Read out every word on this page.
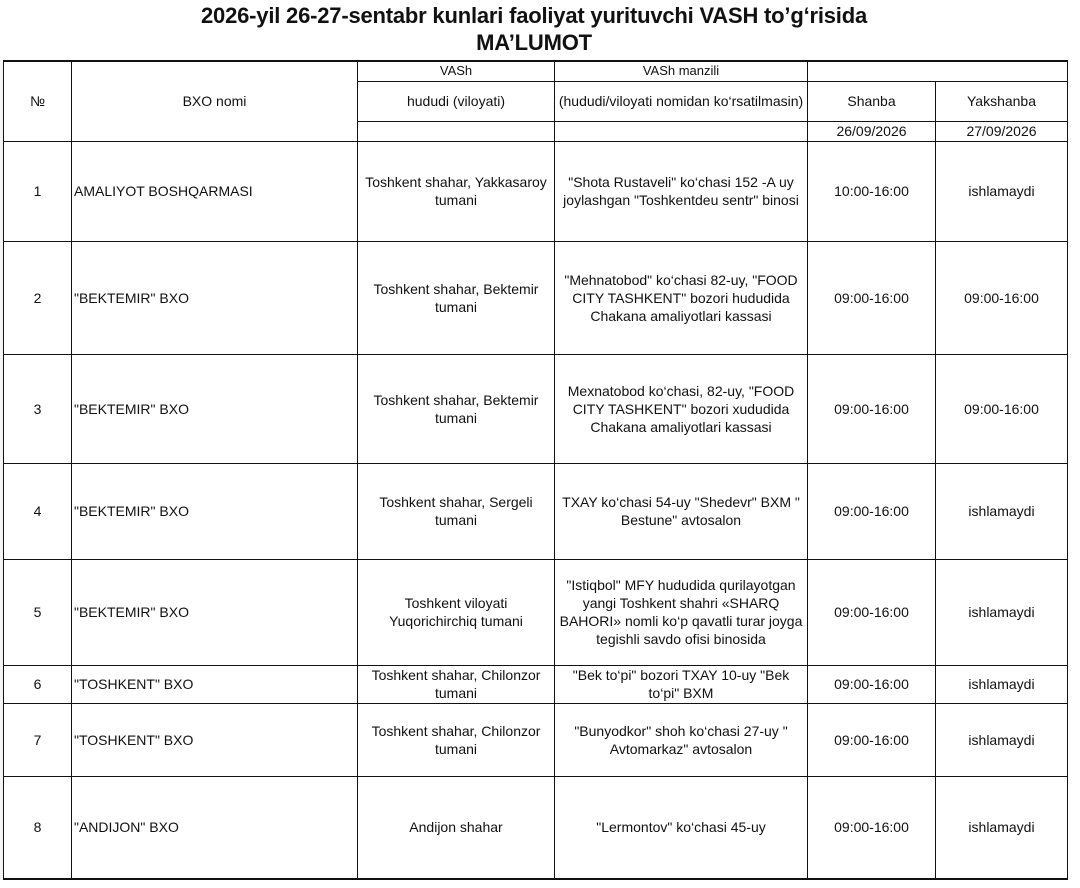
2026-yil 26-27-sentabr kunlari faoliyat yurituvchi VASH to’g‘risida
MA’LUMOT
№	BXO nomi	VASh	VASh manzili		
		hududi (viloyati)	(hududi/viloyati nomidan ko‘rsatilmasin)	Shanba	Yakshanba
				26/09/2026	27/09/2026
1	AMALIYOT BOSHQARMASI	Toshkent shahar, Yakkasaroy tumani	"Shota Rustaveli" ko‘chasi 152 -A uy joylashgan "Toshkentdeu sentr" binosi	10:00-16:00	ishlamaydi
2	"BEKTEMIR" BXO	Toshkent shahar, Bektemir tumani	"Mehnatobod" ko‘chasi 82-uy, "FOOD CITY TASHKENT" bozori hududida Chakana amaliyotlari kassasi	09:00-16:00	09:00-16:00
3	"BEKTEMIR" BXO	Toshkent shahar, Bektemir tumani	Mexnatobod ko‘chasi, 82-uy, "FOOD CITY TASHKENT" bozori xududida Chakana amaliyotlari kassasi	09:00-16:00	09:00-16:00
4	"BEKTEMIR" BXO	Toshkent shahar, Sergeli tumani	TXAY ko‘chasi 54-uy "Shedevr" BXM " Bestune" avtosalon	09:00-16:00	ishlamaydi
5	"BEKTEMIR" BXO	Toshkent viloyati Yuqorichirchiq tumani	"Istiqbol" MFY hududida qurilayotgan yangi Toshkent shahri «SHARQ BAHORI» nomli ko‘p qavatli turar joyga tegishli savdo ofisi binosida	09:00-16:00	ishlamaydi
6	"TOSHKENT" BXO	Toshkent shahar, Chilonzor tumani	"Bek to‘pi" bozori TXAY 10-uy "Bek to‘pi" BXM	09:00-16:00	ishlamaydi
7	"TOSHKENT" BXO	Toshkent shahar, Chilonzor tumani	"Bunyodkor" shoh ko‘chasi 27-uy " Avtomarkaz" avtosalon	09:00-16:00	ishlamaydi
8	"ANDIJON" BXO	Andijon shahar	"Lermontov" ko‘chasi 45-uy	09:00-16:00	ishlamaydi
